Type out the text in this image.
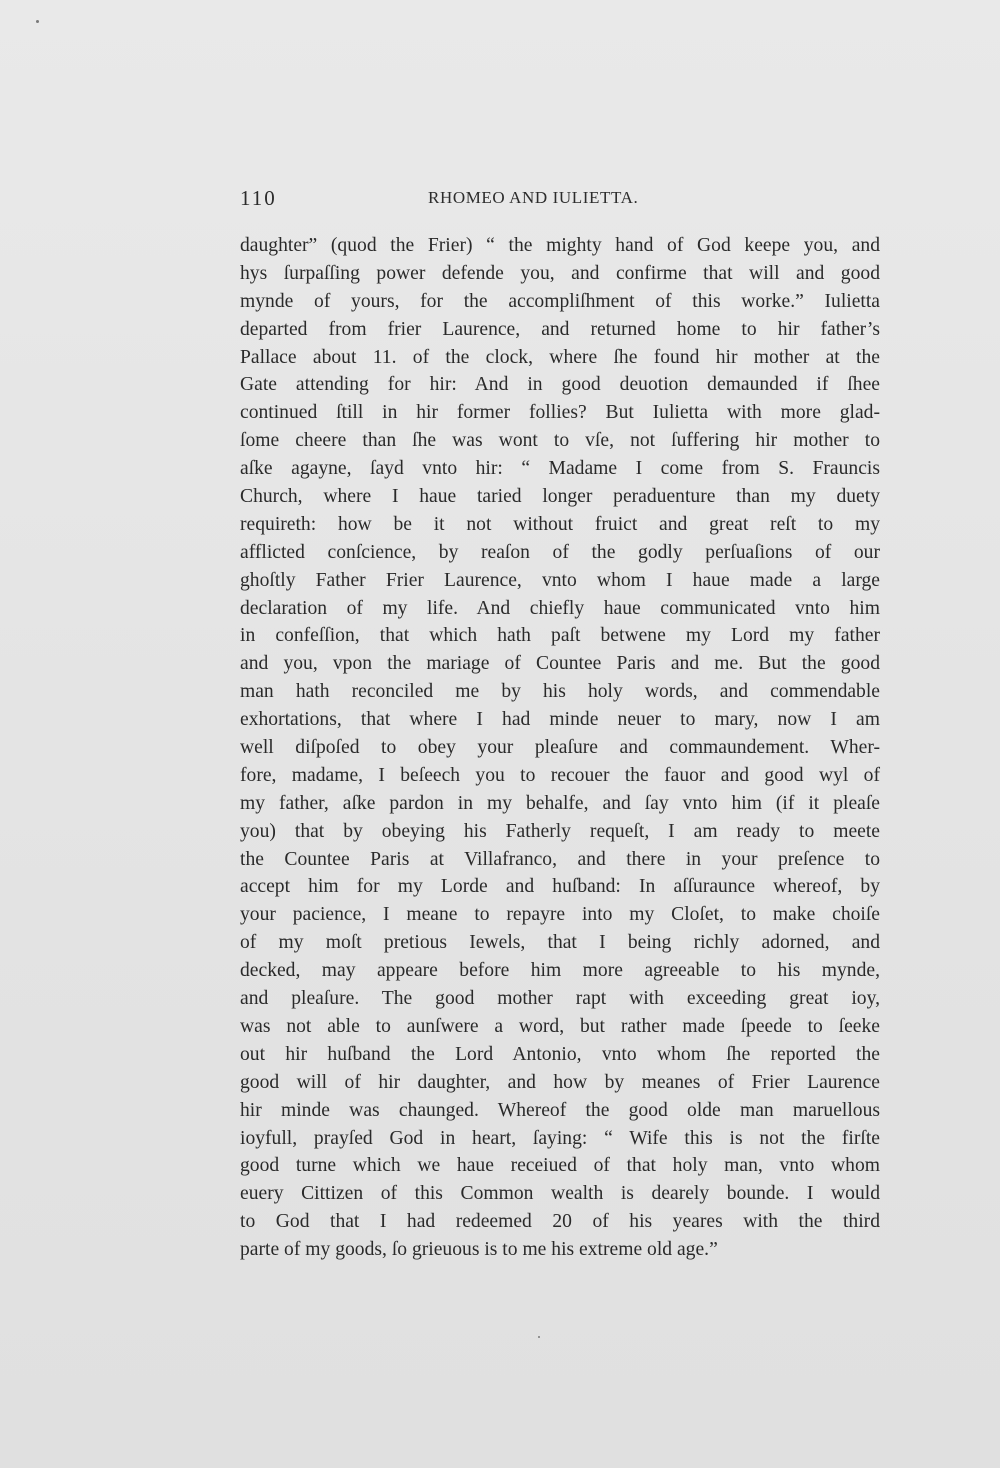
110	RHOMEO AND IULIETTA.
daughter” (quod the Frier) “ the mighty hand of God keepe you, and
hys ſurpaſſing power defende you, and confirme that will and good
mynde of yours, for the accompliſhment of this worke.” Iulietta
departed from frier Laurence, and returned home to hir father’s
Pallace about 11. of the clock, where ſhe found hir mother at the
Gate attending for hir: And in good deuotion demaunded if ſhee
continued ſtill in hir former follies? But Iulietta with more glad-
ſome cheere than ſhe was wont to vſe, not ſuffering hir mother to
aſke agayne, ſayd vnto hir: “ Madame I come from S. Frauncis
Church, where I haue taried longer peraduenture than my duety
requireth: how be it not without fruict and great reſt to my
afflicted conſcience, by reaſon of the godly perſuaſions of our
ghoſtly Father Frier Laurence, vnto whom I haue made a large
declaration of my life. And chiefly haue communicated vnto him
in confeſſion, that which hath paſt betwene my Lord my father
and you, vpon the mariage of Countee Paris and me. But the good
man hath reconciled me by his holy words, and commendable
exhortations, that where I had minde neuer to mary, now I am
well diſpoſed to obey your pleaſure and commaundement. Wher-
fore, madame, I beſeech you to recouer the fauor and good wyl of
my father, aſke pardon in my behalfe, and ſay vnto him (if it pleaſe
you) that by obeying his Fatherly requeſt, I am ready to meete
the Countee Paris at Villafranco, and there in your preſence to
accept him for my Lorde and huſband: In aſſuraunce whereof, by
your pacience, I meane to repayre into my Cloſet, to make choiſe
of my moſt pretious Iewels, that I being richly adorned, and
decked, may appeare before him more agreeable to his mynde,
and pleaſure. The good mother rapt with exceeding great ioy,
was not able to aunſwere a word, but rather made ſpeede to ſeeke
out hir huſband the Lord Antonio, vnto whom ſhe reported the
good will of hir daughter, and how by meanes of Frier Laurence
hir minde was chaunged. Whereof the good olde man maruellous
ioyfull, prayſed God in heart, ſaying: “ Wife this is not the firſte
good turne which we haue receiued of that holy man, vnto whom
euery Cittizen of this Common wealth is dearely bounde. I would
to God that I had redeemed 20 of his yeares with the third
parte of my goods, ſo grieuous is to me his extreme old age.”
